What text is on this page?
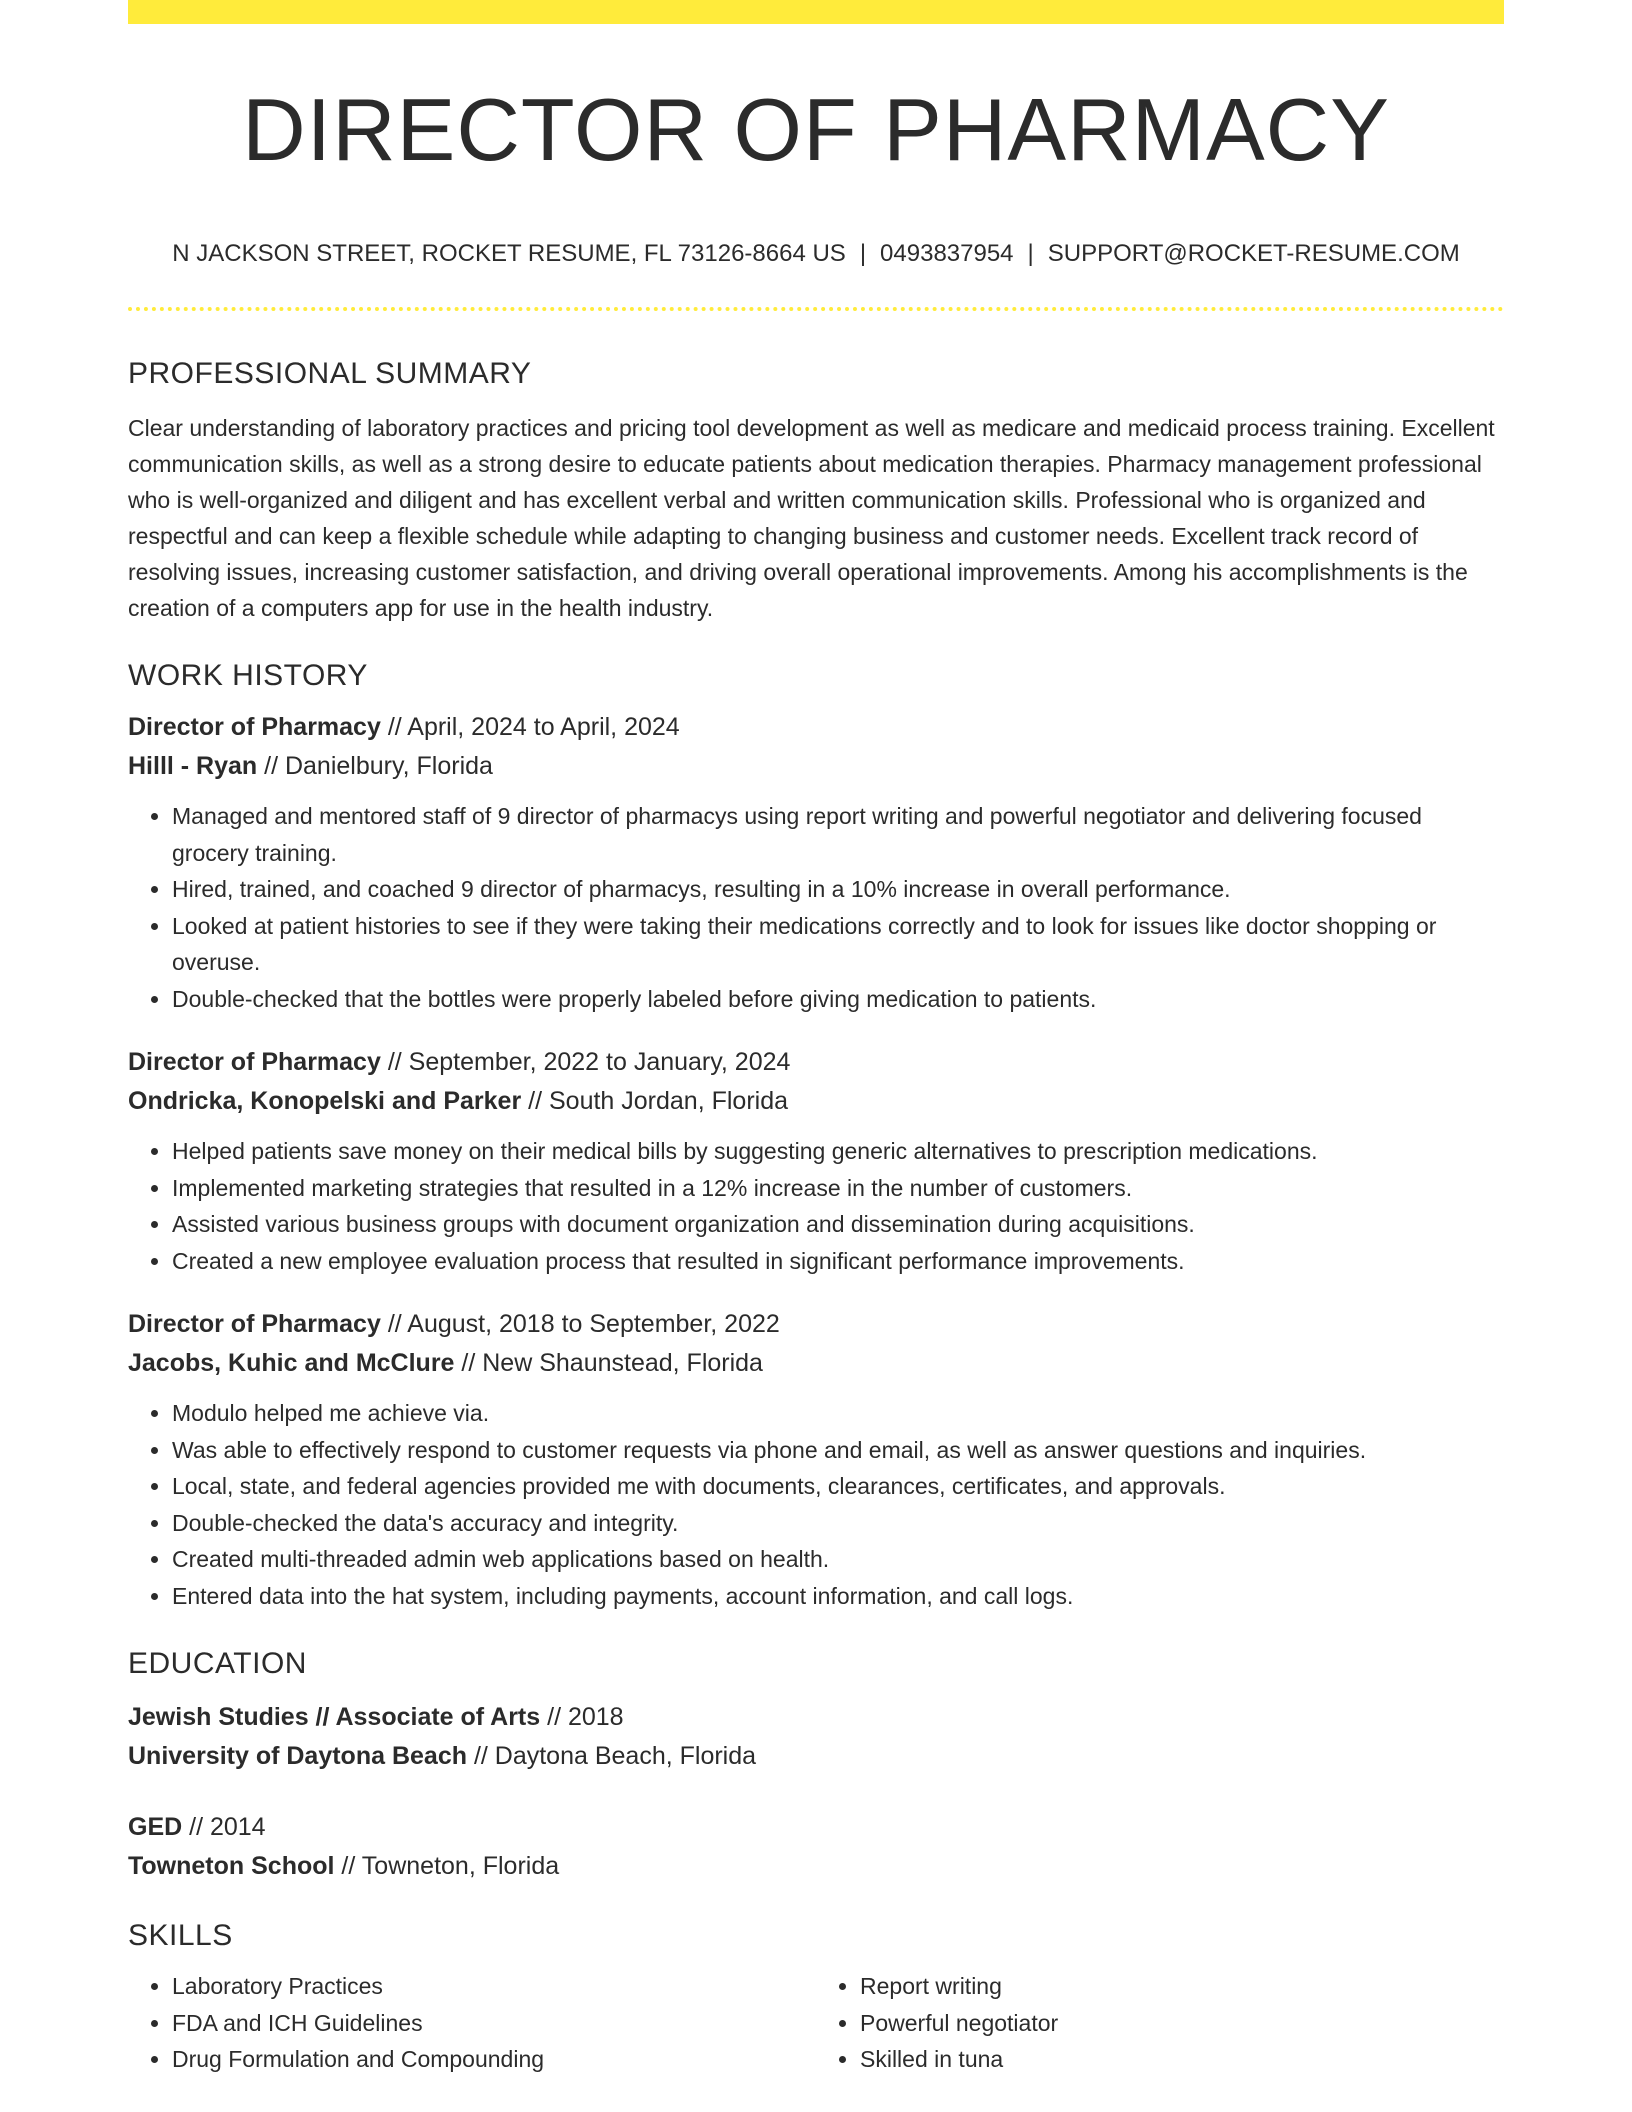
DIRECTOR OF PHARMACY
N JACKSON STREET, ROCKET RESUME, FL 73126-8664 US | 0493837954 | SUPPORT@ROCKET-RESUME.COM
PROFESSIONAL SUMMARY

Clear understanding of laboratory practices and pricing tool development as well as medicare and medicaid process training. Excellent communication skills, as well as a strong desire to educate patients about medication therapies. Pharmacy management professional who is well-organized and diligent and has excellent verbal and written communication skills. Professional who is organized and respectful and can keep a flexible schedule while adapting to changing business and customer needs. Excellent track record of resolving issues, increasing customer satisfaction, and driving overall operational improvements. Among his accomplishments is the creation of a computers app for use in the health industry.

WORK HISTORY
Director of Pharmacy // April, 2024 to April, 2024
Hilll - Ryan // Danielbury, Florida
• Managed and mentored staff of 9 director of pharmacys using report writing and powerful negotiator and delivering focused grocery training.
• Hired, trained, and coached 9 director of pharmacys, resulting in a 10% increase in overall performance.
• Looked at patient histories to see if they were taking their medications correctly and to look for issues like doctor shopping or overuse.
• Double-checked that the bottles were properly labeled before giving medication to patients.
Director of Pharmacy // September, 2022 to January, 2024
Ondricka, Konopelski and Parker // South Jordan, Florida
• Helped patients save money on their medical bills by suggesting generic alternatives to prescription medications.
• Implemented marketing strategies that resulted in a 12% increase in the number of customers.
• Assisted various business groups with document organization and dissemination during acquisitions.
• Created a new employee evaluation process that resulted in significant performance improvements.
Director of Pharmacy // August, 2018 to September, 2022
Jacobs, Kuhic and McClure // New Shaunstead, Florida
• Modulo helped me achieve via.
• Was able to effectively respond to customer requests via phone and email, as well as answer questions and inquiries.
• Local, state, and federal agencies provided me with documents, clearances, certificates, and approvals.
• Double-checked the data's accuracy and integrity.
• Created multi-threaded admin web applications based on health.
• Entered data into the hat system, including payments, account information, and call logs.
EDUCATION
Jewish Studies // Associate of Arts // 2018
University of Daytona Beach // Daytona Beach, Florida
GED // 2014
Towneton School // Towneton, Florida
SKILLS
• Laboratory Practices
• FDA and ICH Guidelines
• Drug Formulation and Compounding
• Report writing
• Powerful negotiator
• Skilled in tuna
